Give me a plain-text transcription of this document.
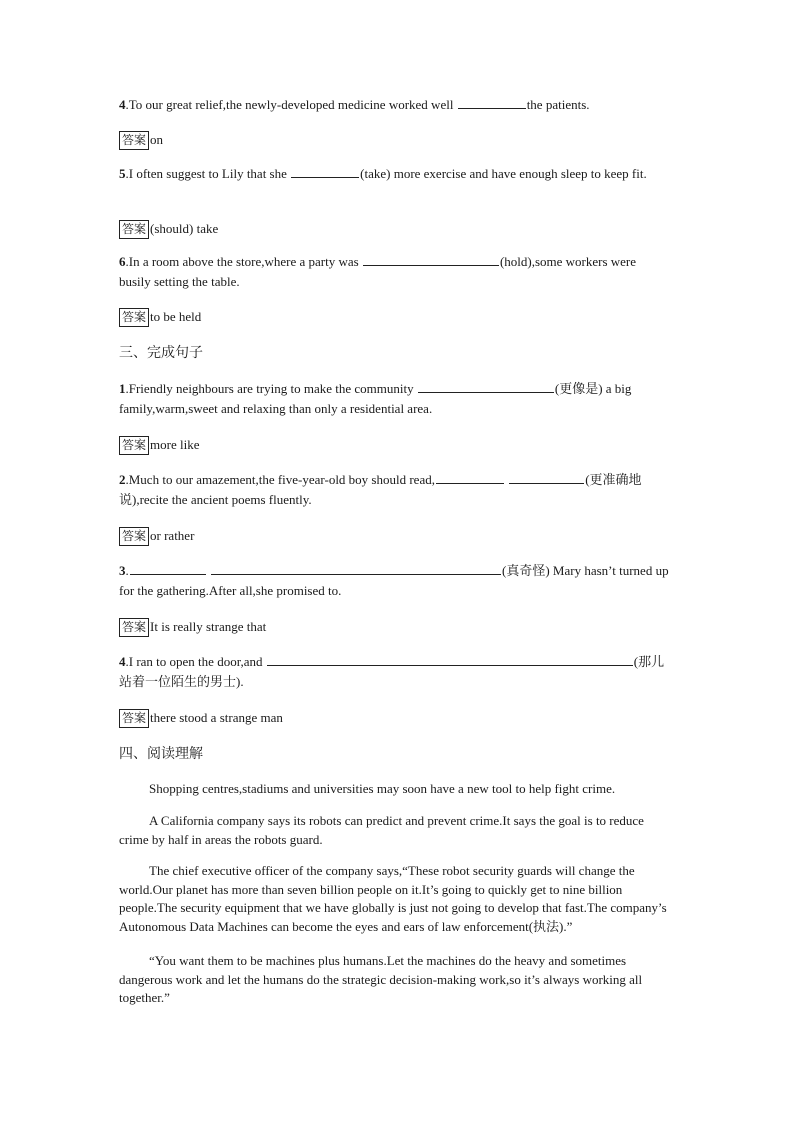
4.To our great relief,the newly-developed medicine worked well	the patients.
答案 on
5.I often suggest to Lily that she	(take) more exercise and have enough sleep to keep fit.
答案 (should) take
6.In a room above the store,where a party was	(hold),some workers were busily setting the table.
答案 to be held
三、完成句子
1.Friendly neighbours are trying to make the community	(更像是) a big family,warm,sweet and relaxing than only a residential area.
答案 more like
2.Much to our amazement,the five-year-old boy should read,	(更准确地说),recite the ancient poems fluently.
答案 or rather
3.	(真奇怪) Mary hasn’t turned up for the gathering.After all,she promised to.
答案 It is really strange that
4.I ran to open the door,and	(那儿站着一位陌生的男士).
答案 there stood a strange man
四、阅读理解
Shopping centres,stadiums and universities may soon have a new tool to help fight crime.
A California company says its robots can predict and prevent crime.It says the goal is to reduce crime by half in areas the robots guard.
The chief executive officer of the company says,“These robot security guards will change the world.Our planet has more than seven billion people on it.It’s going to quickly get to nine billion people.The security equipment that we have globally is just not going to develop that fast.The company’s Autonomous Data Machines can become the eyes and ears of law enforcement(执法).”
“You want them to be machines plus humans.Let the machines do the heavy and sometimes dangerous work and let the humans do the strategic decision-making work,so it’s always working all together.”
